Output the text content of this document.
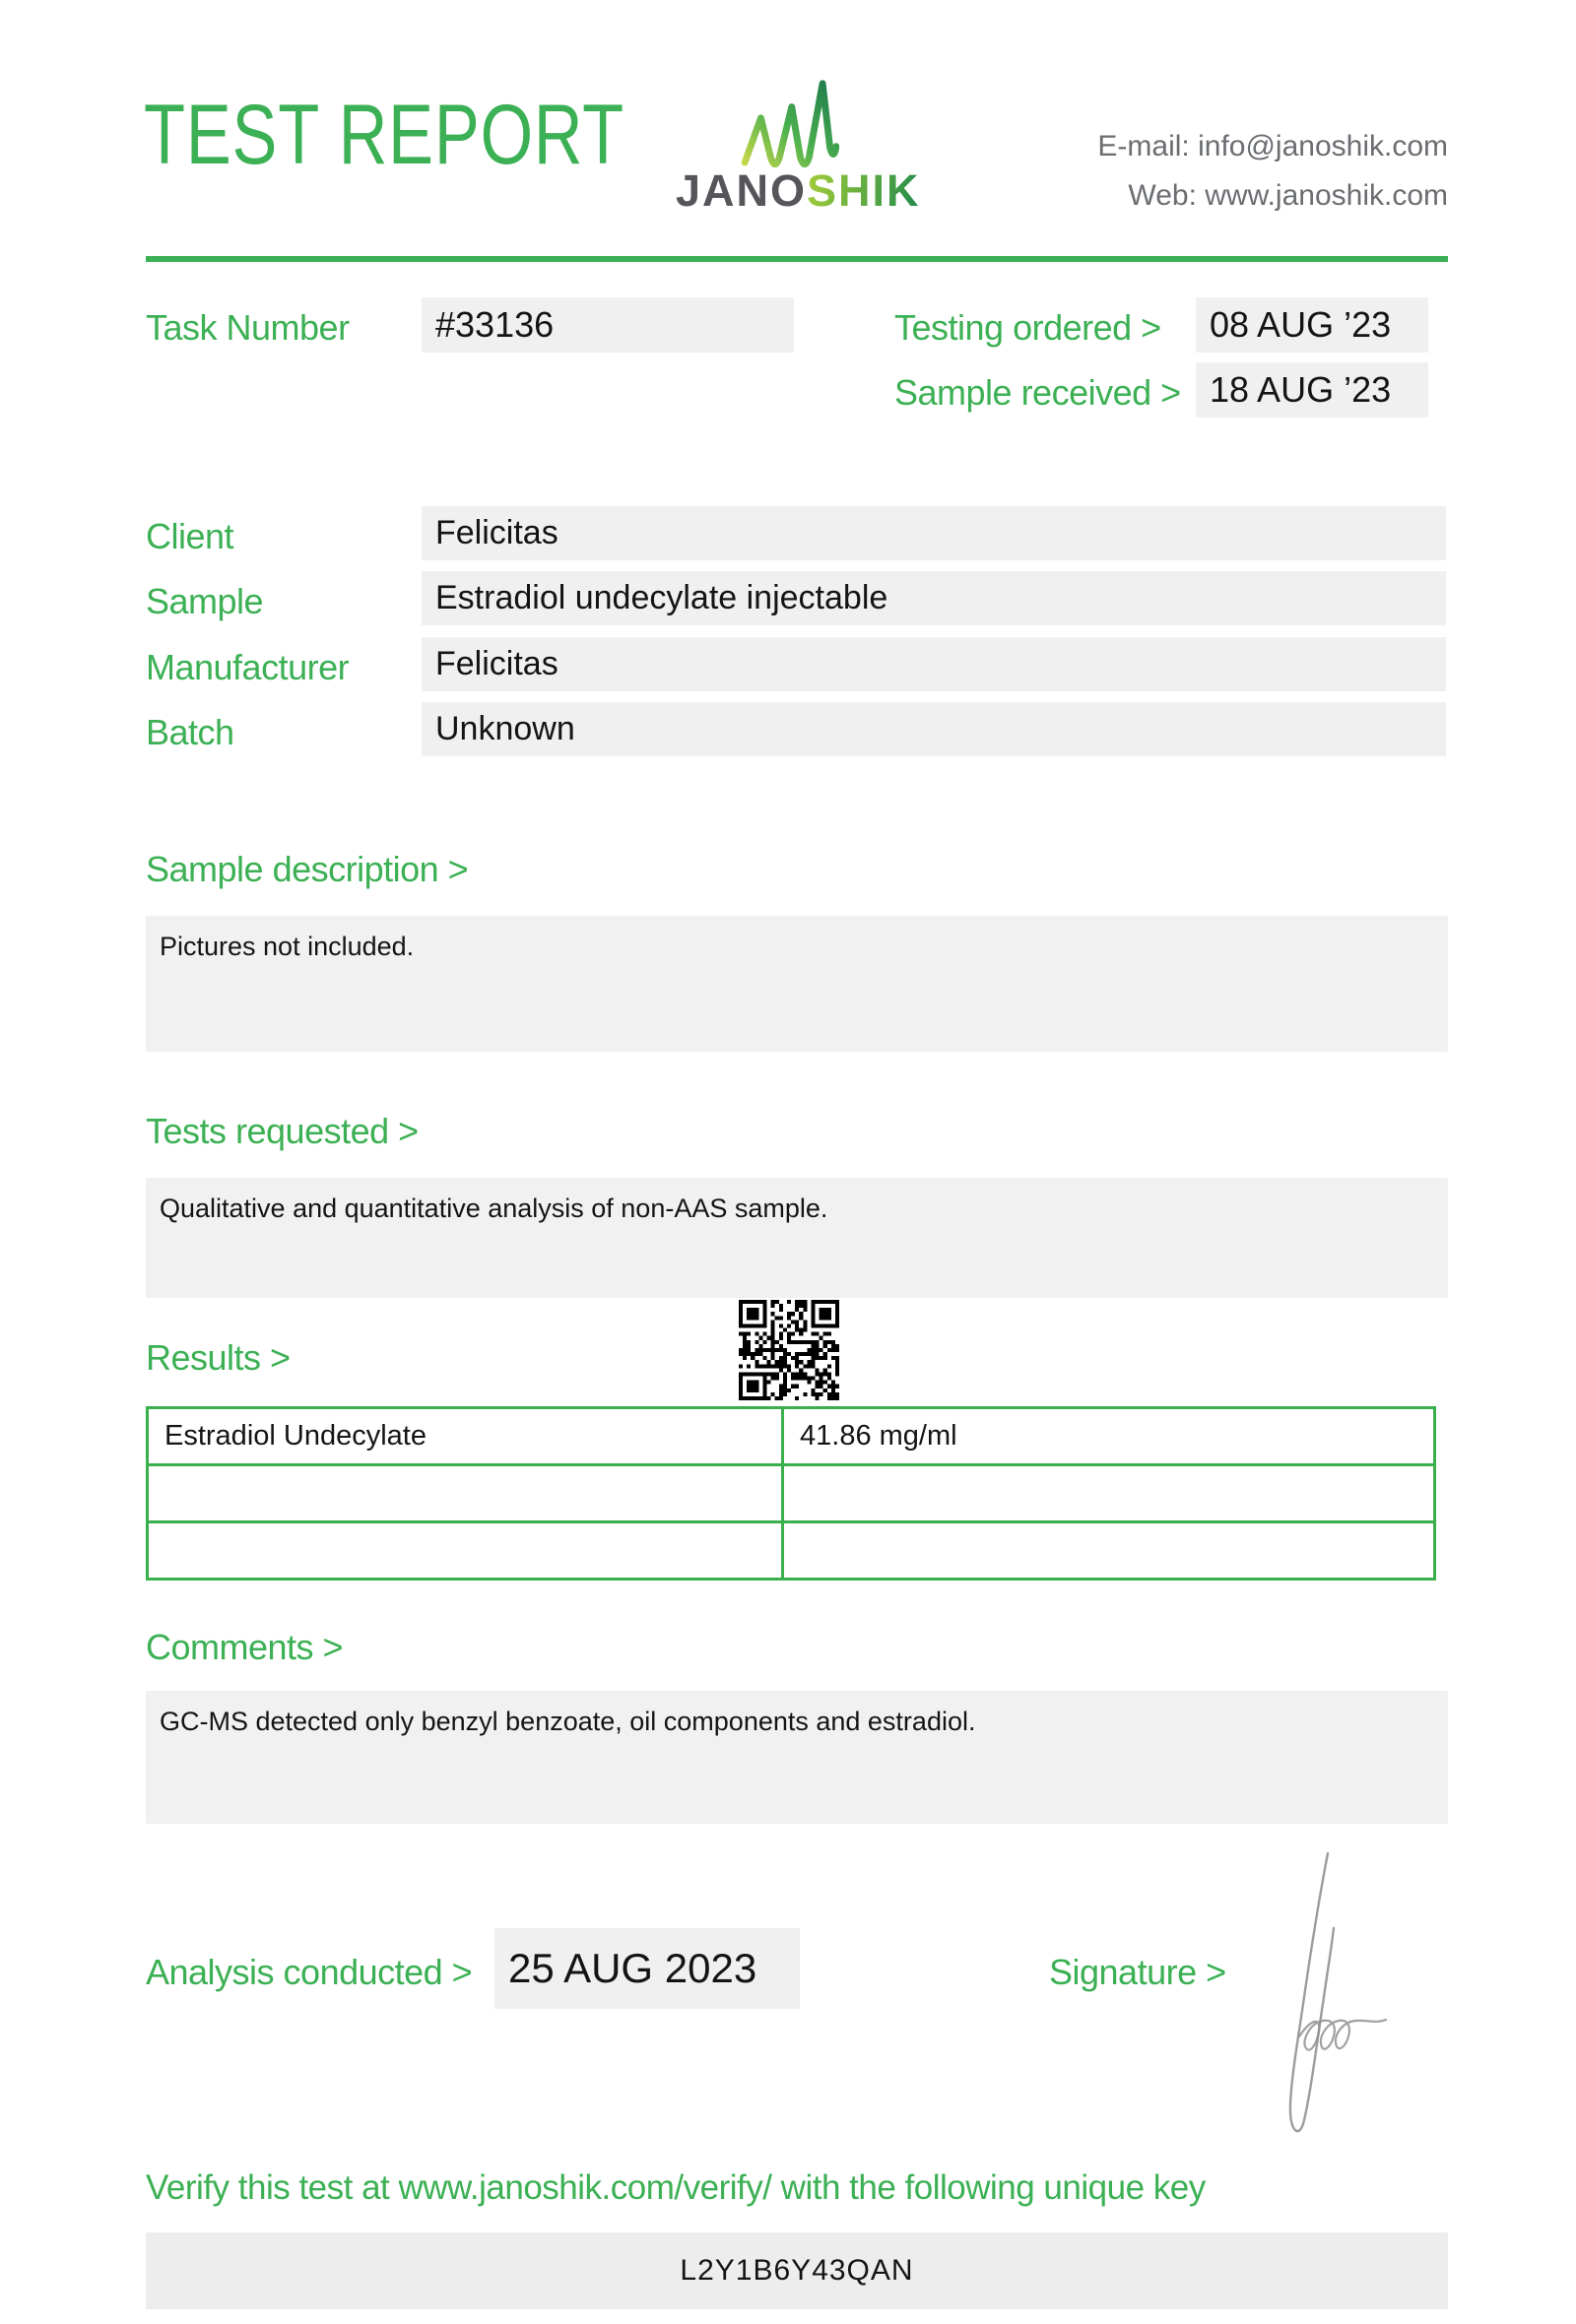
TEST REPORT
JANOSHIK
E-mail: info@janoshik.com
Web: www.janoshik.com
Task Number	#33136	Testing ordered >	08 AUG ’23
Sample received > 18 AUG ’23
Client	Felicitas
Sample	Estradiol undecylate injectable
Manufacturer	Felicitas
Batch	Unknown
Sample description >
Pictures not included.
Tests requested >
Qualitative and quantitative analysis of non-AAS sample.
Results >
Estradiol Undecylate	41.86 mg/ml
Comments >
GC-MS detected only benzyl benzoate, oil components and estradiol.
Analysis conducted > 25 AUG 2023	Signature >
Verify this test at www.janoshik.com/verify/ with the following unique key
L2Y1B6Y43QAN
